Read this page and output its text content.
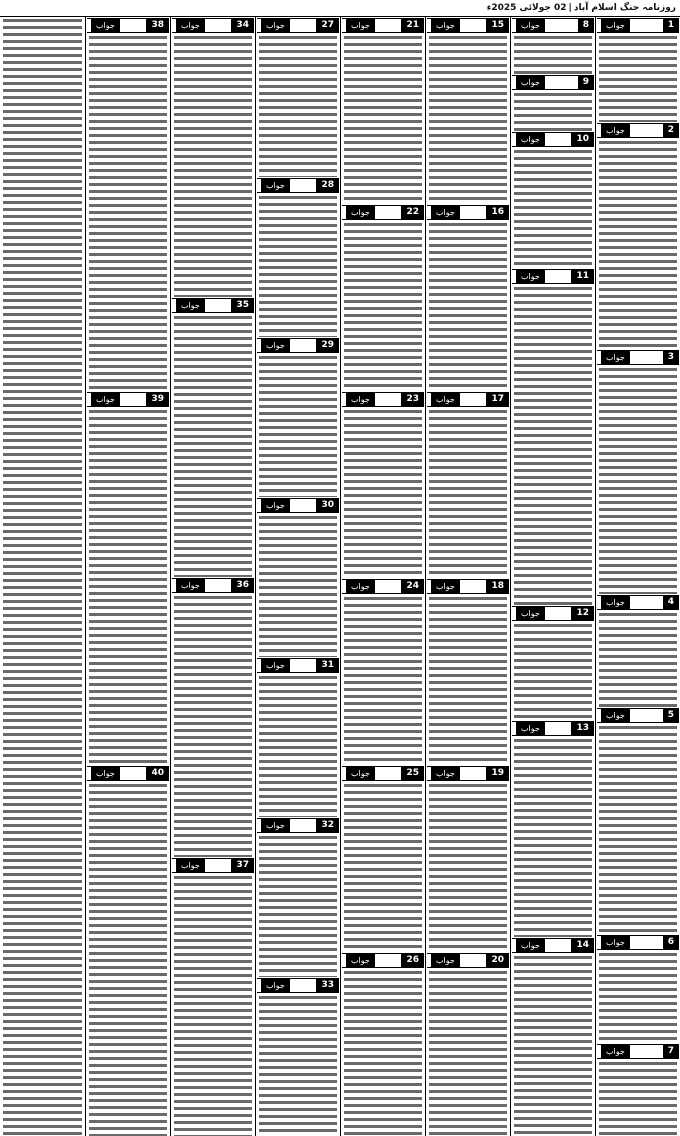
روزنامہ جنگ اسلام آباد
|
02 جولائی 2025ء
1
جواب
2
جواب
3
جواب
4
جواب
5
جواب
6
جواب
7
جواب
8
جواب
9
جواب
10
جواب
11
جواب
12
جواب
13
جواب
14
جواب
15
جواب
16
جواب
17
جواب
18
جواب
19
جواب
20
جواب
21
جواب
22
جواب
23
جواب
24
جواب
25
جواب
26
جواب
27
جواب
28
جواب
29
جواب
30
جواب
31
جواب
32
جواب
33
جواب
34
جواب
35
جواب
36
جواب
37
جواب
38
جواب
39
جواب
40
جواب
